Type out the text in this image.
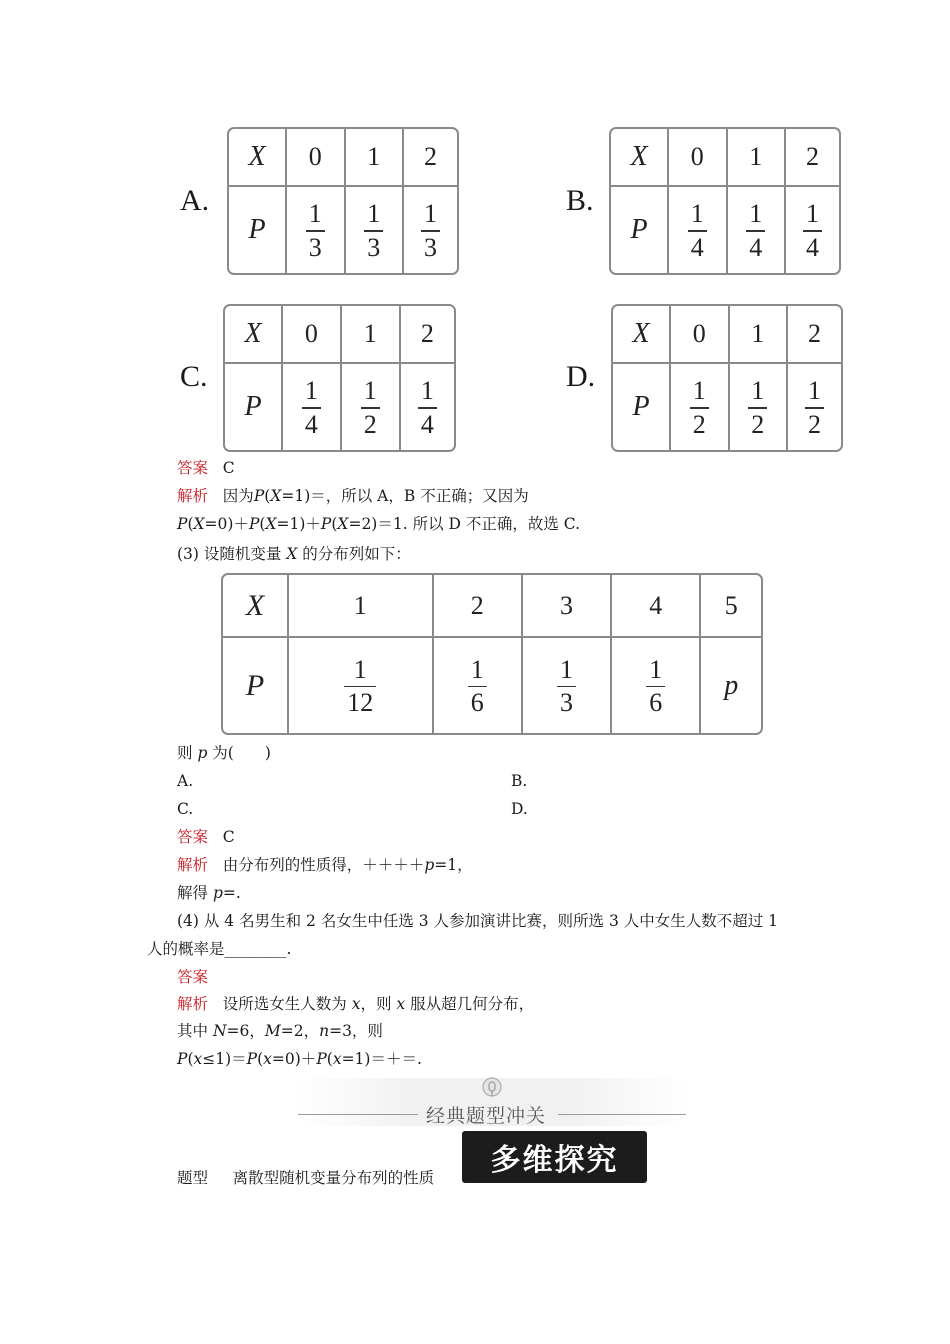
A.
X	0	1	2
P	$\frac{1}{3}$	$\frac{1}{3}$	$\frac{1}{3}$
B.
X	0	1	2
P	$\frac{1}{4}$	$\frac{1}{4}$	$\frac{1}{4}$
C.
X	0	1	2
P	$\frac{1}{4}$	$\frac{1}{2}$	$\frac{1}{4}$
D.
X	0	1	2
P	$\frac{1}{2}$	$\frac{1}{2}$	$\frac{1}{2}$
答案 C
解析 因为P(X=1)＝，所以 A，B 不正确；又因为
P(X=0)＋P(X=1)＋P(X=2)＝1. 所以 D 不正确，故选 C.
(3) 设随机变量 X 的分布列如下：
X	1	2	3	4	5
P	$\frac{1}{12}$	$\frac{1}{6}$	$\frac{1}{3}$	$\frac{1}{6}$	p
则 p 为(　　)
A.	B.
C.	D.
答案 C
解析 由分布列的性质得，＋＋＋＋p=1，
解得 p=.
(4) 从 4 名男生和 2 名女生中任选 3 人参加演讲比赛，则所选 3 人中女生人数不超过 1
人的概率是________.
答案
解析 设所选女生人数为 x，则 x 服从超几何分布，
其中 N=6，M=2，n=3，则
P(x≤1)＝P(x=0)＋P(x=1)＝＋＝.
经典题型冲关
多维探究
题型 离散型随机变量分布列的性质
